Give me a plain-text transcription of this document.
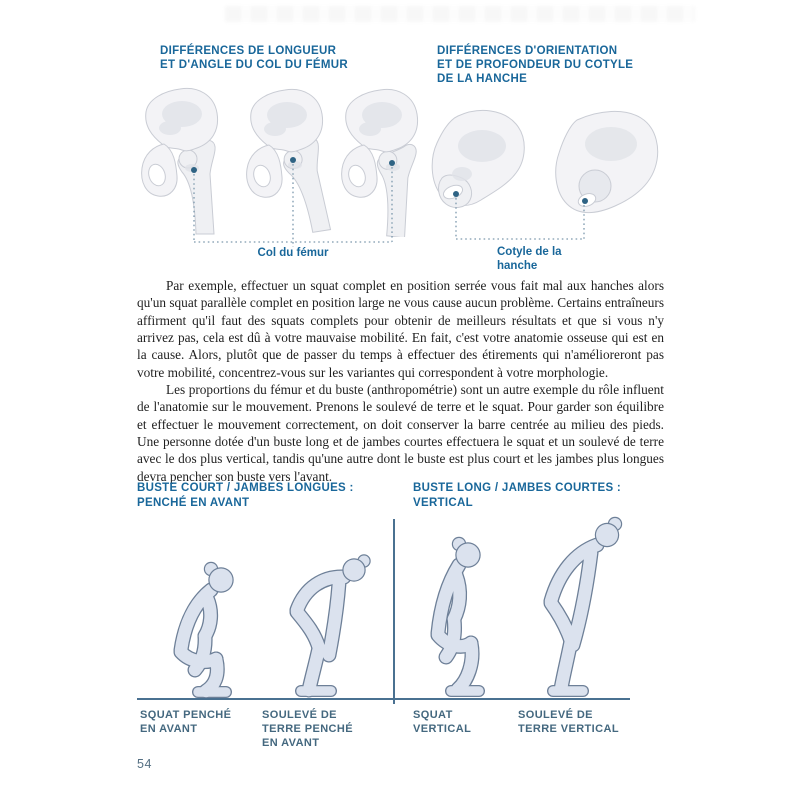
DIFFÉRENCES DE LONGUEUR
ET D'ANGLE DU COL DU FÉMUR
DIFFÉRENCES D'ORIENTATION
ET DE PROFONDEUR DU COTYLE
DE LA HANCHE
Col du fémur	Cotyle de la
hanche

Par exemple, effectuer un squat complet en position serrée vous fait mal aux hanches alors qu'un squat parallèle complet en position large ne vous cause aucun problème. Certains entraîneurs affirment qu'il faut des squats complets pour obtenir de meilleurs résultats et que si vous n'y arrivez pas, cela est dû à votre mauvaise mobilité. En fait, c'est votre anatomie osseuse qui est en la cause. Alors, plutôt que de passer du temps à effectuer des étirements qui n'amélioreront pas votre mobilité, concentrez-vous sur les variantes qui correspondent à votre morphologie.

Les proportions du fémur et du buste (anthropométrie) sont un autre exemple du rôle influent de l'anatomie sur le mouvement. Prenons le soulevé de terre et le squat. Pour garder son équilibre et effectuer le mouvement correctement, on doit conserver la barre centrée au milieu des pieds. Une personne dotée d'un buste long et de jambes courtes effectuera le squat et un soulevé de terre avec le dos plus vertical, tandis qu'une autre dont le buste est plus court et les jambes plus longues devra pencher son buste vers l'avant.

BUSTE COURT / JAMBES LONGUES :
PENCHÉ EN AVANT
BUSTE LONG / JAMBES COURTES :
VERTICAL
SQUAT PENCHÉ
EN AVANT
SOULEVÉ DE
TERRE PENCHÉ
EN AVANT
SQUAT
VERTICAL
SOULEVÉ DE
TERRE VERTICAL
54
